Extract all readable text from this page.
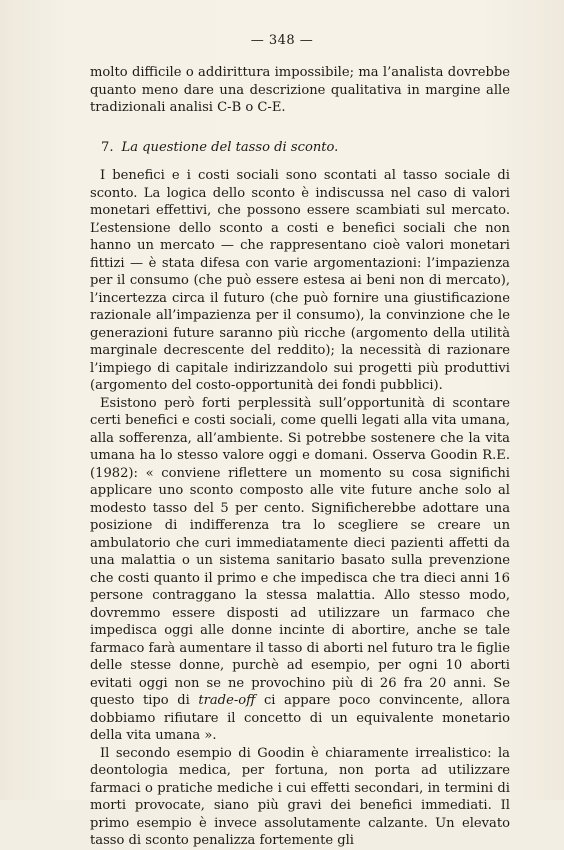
— 348 —

molto difficile o addirittura impossibile; ma l’analista dovrebbe quanto meno dare una descrizione qualitativa in margine alle tradizionali analisi C-B o C-E.

7. La questione del tasso di sconto.

I benefici e i costi sociali sono scontati al tasso sociale di sconto. La logica dello sconto è indiscussa nel caso di valori monetari effettivi, che possono essere scambiati sul mercato. L’estensione dello sconto a costi e benefici sociali che non hanno un mercato — che rappresentano cioè valori monetari fittizi — è stata difesa con varie argomentazioni: l’impazienza per il consumo (che può essere estesa ai beni non di mercato), l’incertezza circa il futuro (che può fornire una giustificazione razionale all’impazienza per il consumo), la convinzione che le generazioni future saranno più ricche (argomento della utilità marginale decrescente del reddito); la necessità di razionare l’impiego di capitale indirizzandolo sui progetti più produttivi (argomento del costo-opportunità dei fondi pubblici).

Esistono però forti perplessità sull’opportunità di scontare certi benefici e costi sociali, come quelli legati alla vita umana, alla sofferenza, all’ambiente. Si potrebbe sostenere che la vita umana ha lo stesso valore oggi e domani. Osserva Goodin R.E. (1982): « conviene riflettere un momento su cosa significhi applicare uno sconto composto alle vite future anche solo al modesto tasso del 5 per cento. Significherebbe adottare una posizione di indifferenza tra lo scegliere se creare un ambulatorio che curi immediatamente dieci pazienti affetti da una malattia o un sistema sanitario basato sulla prevenzione che costi quanto il primo e che impedisca che tra dieci anni 16 persone contraggano la stessa malattia. Allo stesso modo, dovremmo essere disposti ad utilizzare un farmaco che impedisca oggi alle donne incinte di abortire, anche se tale farmaco farà aumentare il tasso di aborti nel futuro tra le figlie delle stesse donne, purchè ad esempio, per ogni 10 aborti evitati oggi non se ne provochino più di 26 fra 20 anni. Se questo tipo di trade-off ci appare poco convincente, allora dobbiamo rifiutare il concetto di un equivalente monetario della vita umana ».

Il secondo esempio di Goodin è chiaramente irrealistico: la deontologia medica, per fortuna, non porta ad utilizzare farmaci o pratiche mediche i cui effetti secondari, in termini di morti provocate, siano più gravi dei benefici immediati. Il primo esempio è invece assolutamente calzante. Un elevato tasso di sconto penalizza fortemente gli
